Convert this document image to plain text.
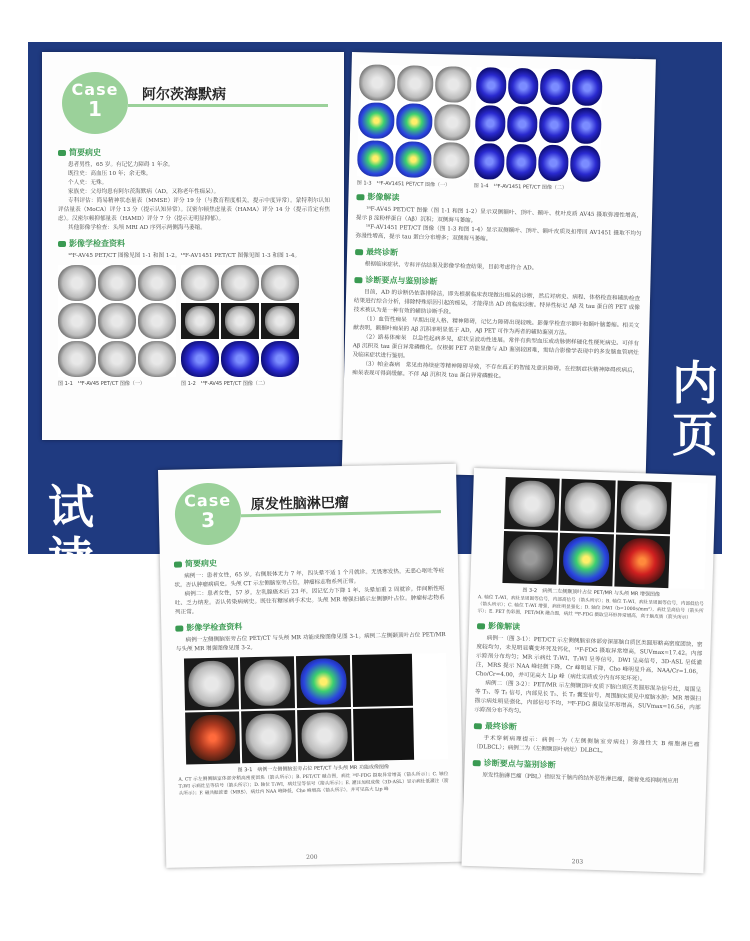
Case
1
阿尔茨海默病
简要病史

患者男性，65 岁。有记忆力障碍 1 年余。

既往史：高血压 10 年；余无殊。

个人史：无殊。

家族史：父母均患有阿尔茨海默病（AD，又称老年性痴呆）。

专科评估：简易精神状态量表（MMSE）评分 19 分（与教育程度相关，提示中度异常）。蒙特利尔认知评估量表（MoCA）评分 13 分（提示认知异常）。汉密尔顿焦虑量表（HAMA）评分 14 分（提示肯定有焦虑）。汉密尔顿抑郁量表（HAMD）评分 7 分（提示无明显抑郁）。

其他影像学检查：头颅 MRI AD 序列示两侧海马萎缩。

影像学检查资料

¹⁸F-AV45 PET/CT 图像见图 1-1 和图 1-2。¹⁸F-AV1451 PET/CT 图像见图 1-3 和图 1-4。

图 1-1　¹⁸F-AV45 PET/CT 图像（一）	图 1-2　¹⁸F-AV45 PET/CT 图像（二）
图 1-3　¹⁸F-AV1451 PET/CT 图像（一）	图 1-4　¹⁸F-AV1451 PET/CT 图像（二）
影像解读

¹⁸F-AV45 PET/CT 图像（图 1-1 和图 1-2）显示双侧额叶、顶叶、颞叶、枕叶皮质 AV45 摄取弥漫性增高，提示 β 淀粉样蛋白（Aβ）沉积；双侧海马萎缩。

¹⁸F-AV1451 PET/CT 图像（图 1-3 和图 1-4）显示双侧颞叶、顶叶、额叶皮质及扣带回 AV1451 摄取不均匀弥漫性增高，提示 tau 蛋白分布增多；双侧海马萎缩。

最终诊断

根据临床症状、专科评估结果及影像学检查结果，目前考虑符合 AD。

诊断要点与鉴别诊断

目前，AD 的诊断仍依靠排除法，即先根据临床表现做出痴呆的诊断，然后对病史、病程、体格检查和辅助检查结果进行综合分析，排除特殊原因引起的痴呆，才能得出 AD 的临床诊断。特异性标记 Aβ 及 tau 蛋白的 PET 成像技术被认为是一种有效的辅助诊断手段。

（1）血管性痴呆　早期出现人格、精神障碍，记忆力障碍出现较晚。影像学检查示额叶和颞叶脑萎缩。相关文献表明，额颞叶痴呆的 Aβ 沉积率明显低于 AD，Aβ PET 可作为两者的辅助鉴别方法。

（2）路易体痴呆　以急性起病多见，症状呈波动性进展。常伴有典型血压或动脉粥样硬化性梗死病史。可伴有 Aβ 沉积及 tau 蛋白异常磷酸化，仅根据 PET 功能显像与 AD 鉴别较困难，需结合影像学表现中的多发脑血管病灶及临床症状进行鉴别。

（3）帕金森病　常见由持续症等精神障碍导致，不存在真正的智能及意识障碍。在控制症状精神障碍疾病后，痴呆表现可得到缓解。不伴 Aβ 沉积及 tau 蛋白异常磷酸化。

Case
3
原发性脑淋巴瘤
简要病史

病例一：患者女性，65 岁。右侧肢体无力 7 年，四头晕不适 1 个月就诊。无畏寒发热，无恶心呕吐等症状。否认肿瘤病病史。头颅 CT 示左侧脑室旁占位，肿瘤标志物系列正常。

病例二：患者女性，57 岁。左乳腺癌术后 23 年，因记忆力下降 1 年、头晕加重 2 周就诊。伴间断性呕吐、乏力纳差。否认传染病病史。既往有糖尿病手术史。头颅 MR 增强扫描示左侧额叶占位。肿瘤标志物系列正常。

影像学检查资料

病例一左侧侧脑室旁占位 PET/CT 与头颅 MR 功能成像图像见图 3-1。病例二左侧颞顶叶占位 PET/MR 与头颅 MR 增强图像见图 3-2。

图 3-1　病例一左侧侧脑室旁占位 PET/CT 与头颅 MR 功能成像图像

A. CT 示左侧侧脑室体部旁稍高密度团块（箭头所示）；B. PET/CT 融合图，病灶 ¹⁸F-FDG 摄取异常增高（箭头所示）；C. 轴位 T₂WI 示病灶呈等信号（箭头所示）；D. 轴位 T₁WI，病灶呈等信号（箭头所示）；E. 灌注加权成像（3D-ASL）显示病灶低灌注（箭头所示）；F. 磁共振波谱（MRS），病灶内 NAA 峰降低，Cho 峰增高（箭头所示），并可见高大 Lip 峰

200
图 3-2　病例二左侧颞顶叶占位 PET/MR 与头颅 MR 增强图像

A. 轴位 T₂WI，病灶呈周围等信号，内部高信号（箭头所示）；B. 轴位 T₁WI，病灶呈周围等信号，内部低信号（箭头所示）；C. 轴位 T₁WI 增强，病灶明显强化；D. 轴位 DWI（b=1000s/mm²），病灶呈高信号（箭头所示）；E. PET 伪彩图，PET/MR 融合图，病灶 ¹⁸F-FDG 摄取呈环形异常增高，高于脑皮质（箭头所示）

影像解读

病例一（图 3-1）：PET/CT 示左侧侧脑室体部旁深部脑白质区类圆形略高密度团块，密度较均匀，未见明显囊变坏死及钙化，¹⁸F-FDG 摄取异常增高，SUVmax=17.42。内部示踪剂分布均匀；MR 示病灶 T₁WI、T₂WI 呈等信号，DWI 呈高信号，3D-ASL 呈低灌注，MRS 提示 NAA 峰轻微下降，Cr 峰明显下降，Cho 峰明显升高，NAA/Cr=1.06，Cho/Cr=4.00，并可见高大 Lip 峰（病灶实质成分内有坏死坏死）。

病例二（图 3-2）：PET/MR 示左侧颞顶叶皮质下脑白质区类圆形混杂信号灶，周围呈等 T₁、等 T₂ 信号，内部见长 T₁、长 T₂ 囊变信号，周围脑实质见中度脑水肿；MR 增强扫描示病灶明显强化，内部信号不均，¹⁸F-FDG 摄取呈环形增高，SUVmax=16.56，内部示踪剂分布不均匀。

最终诊断

手术穿刺病理提示：病例一为（左侧侧脑室旁病灶）弥漫性大 B 细胞淋巴瘤（DLBCL）；病例二为（左侧颞顶叶病灶）DLBCL。

诊断要点与鉴别诊断

原发性脑淋巴瘤（PBL）指原发于脑内的结外恶性淋巴瘤，随着免疫抑制剂应用

203
内
页
试
读
